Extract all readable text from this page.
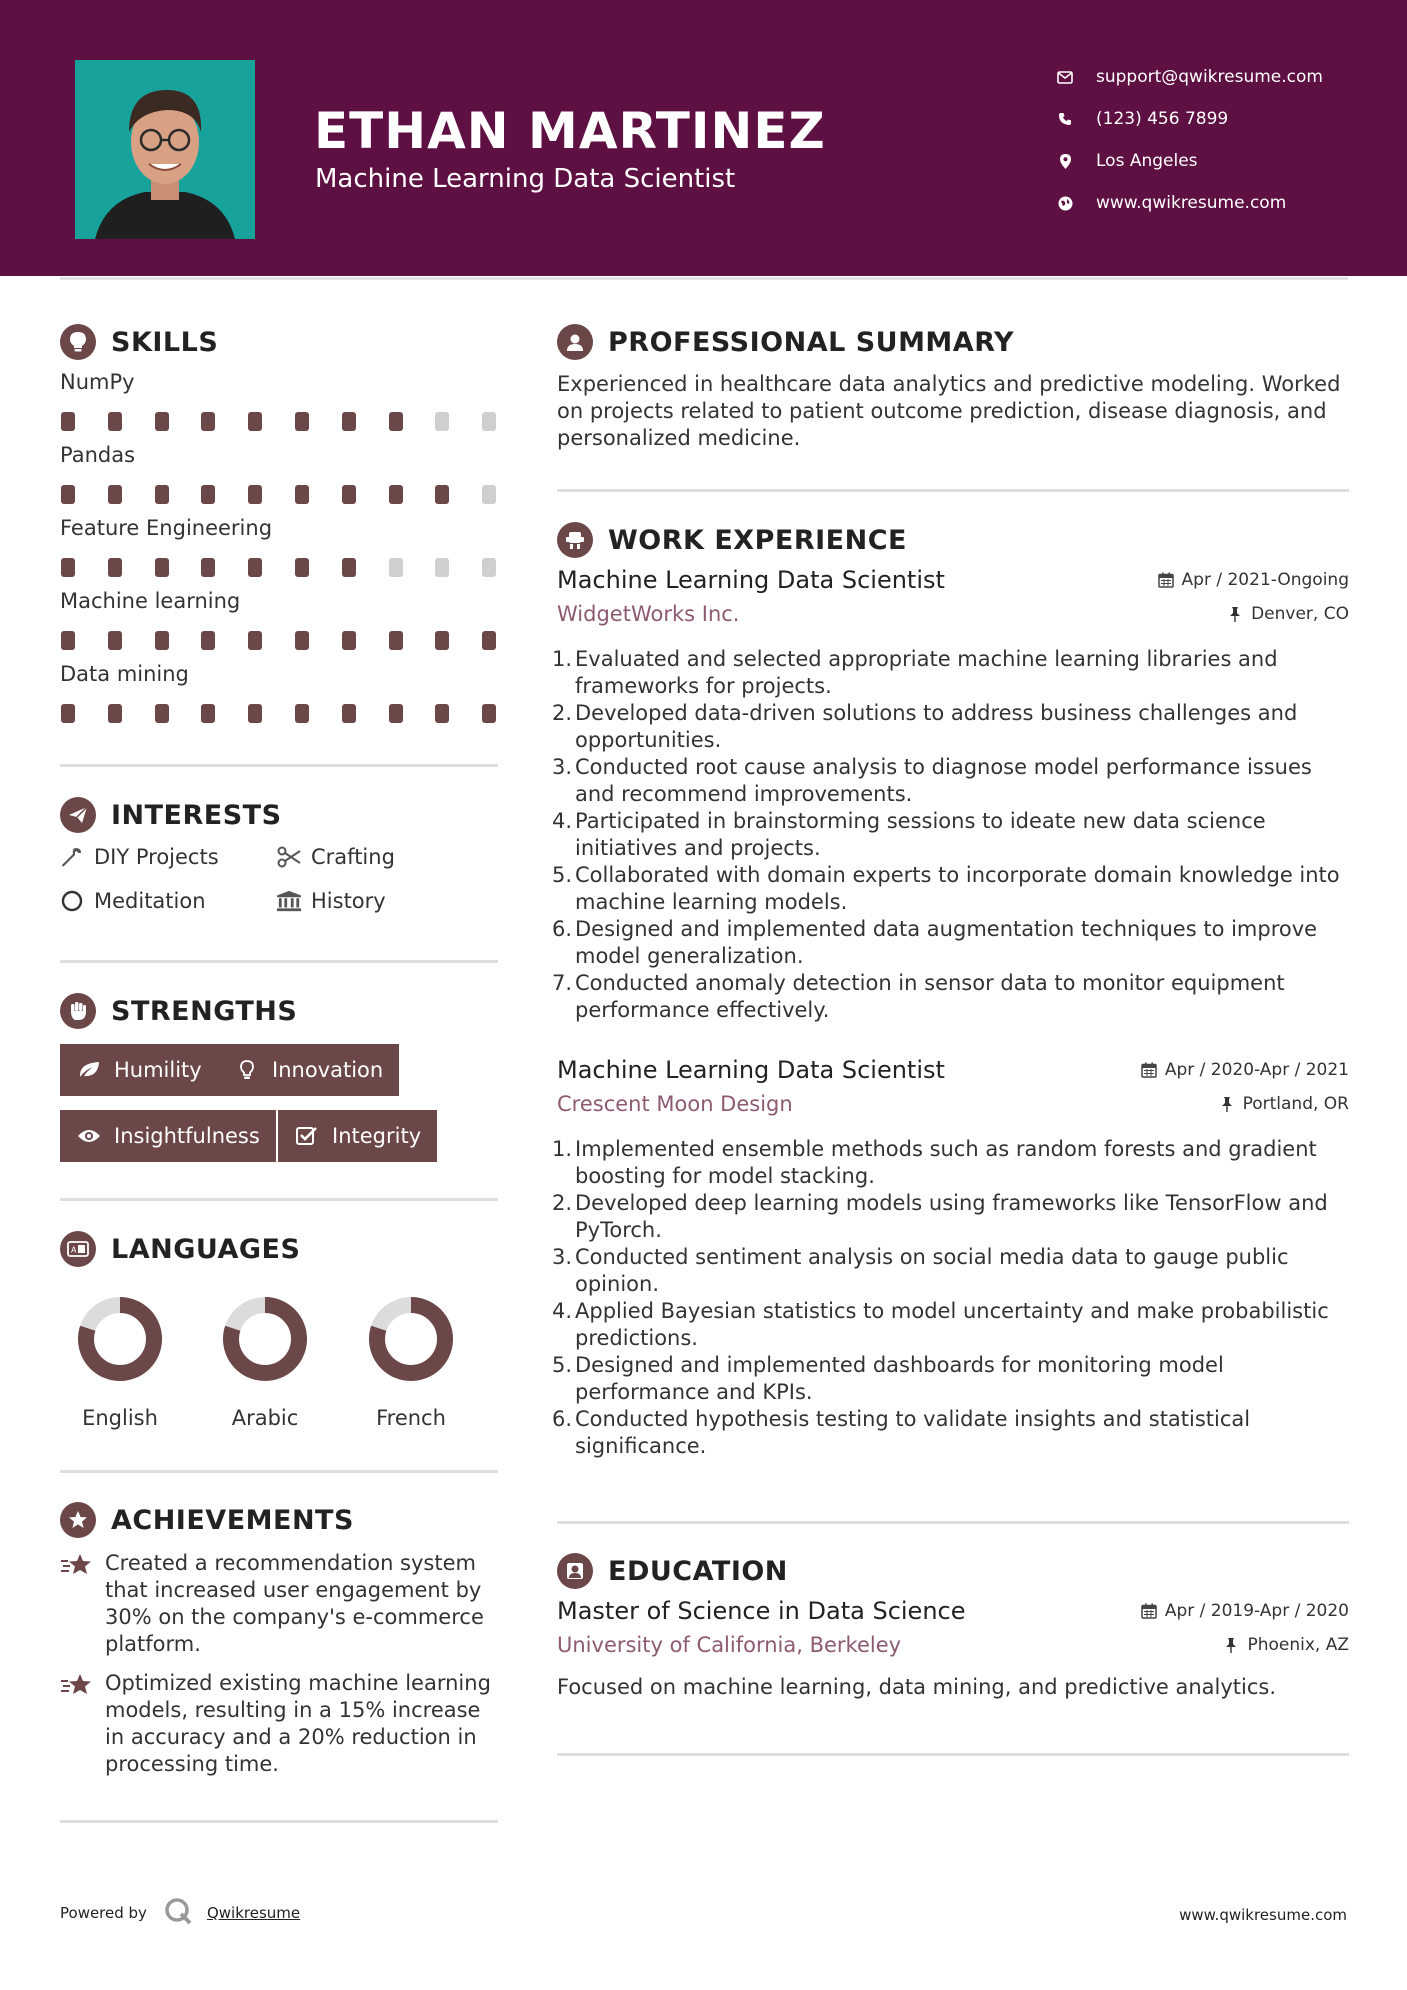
ETHAN MARTINEZ
Machine Learning Data Scientist
support@qwikresume.com
(123) 456 7899
Los Angeles
www.qwikresume.com
SKILLS
NumPy
Pandas
Feature Engineering
Machine learning
Data mining
INTERESTS
DIY Projects	Crafting
Meditation	History
STRENGTHS
Humility	Innovation
Insightfulness	Integrity
A LANGUAGES
English	Arabic	French
ACHIEVEMENTS
Created a recommendation system that increased user engagement by 30% on the company's e-commerce platform.
Optimized existing machine learning models, resulting in a 15% increase in accuracy and a 20% reduction in processing time.
PROFESSIONAL SUMMARY
Experienced in healthcare data analytics and predictive modeling. Worked on projects related to patient outcome prediction, disease diagnosis, and personalized medicine.
WORK EXPERIENCE
Machine Learning Data Scientist	Apr / 2021-Ongoing
WidgetWorks Inc.	Denver, CO
1. Evaluated and selected appropriate machine learning libraries and frameworks for projects.
2. Developed data-driven solutions to address business challenges and opportunities.
3. Conducted root cause analysis to diagnose model performance issues and recommend improvements.
4. Participated in brainstorming sessions to ideate new data science initiatives and projects.
5. Collaborated with domain experts to incorporate domain knowledge into machine learning models.
6. Designed and implemented data augmentation techniques to improve model generalization.
7. Conducted anomaly detection in sensor data to monitor equipment performance effectively.
Machine Learning Data Scientist	Apr / 2020-Apr / 2021
Crescent Moon Design	Portland, OR
1. Implemented ensemble methods such as random forests and gradient boosting for model stacking.
2. Developed deep learning models using frameworks like TensorFlow and PyTorch.
3. Conducted sentiment analysis on social media data to gauge public opinion.
4. Applied Bayesian statistics to model uncertainty and make probabilistic predictions.
5. Designed and implemented dashboards for monitoring model performance and KPIs.
6. Conducted hypothesis testing to validate insights and statistical significance.
EDUCATION
Master of Science in Data Science	Apr / 2019-Apr / 2020
University of California, Berkeley	Phoenix, AZ
Focused on machine learning, data mining, and predictive analytics.
Powered by	Qwikresume	www.qwikresume.com
